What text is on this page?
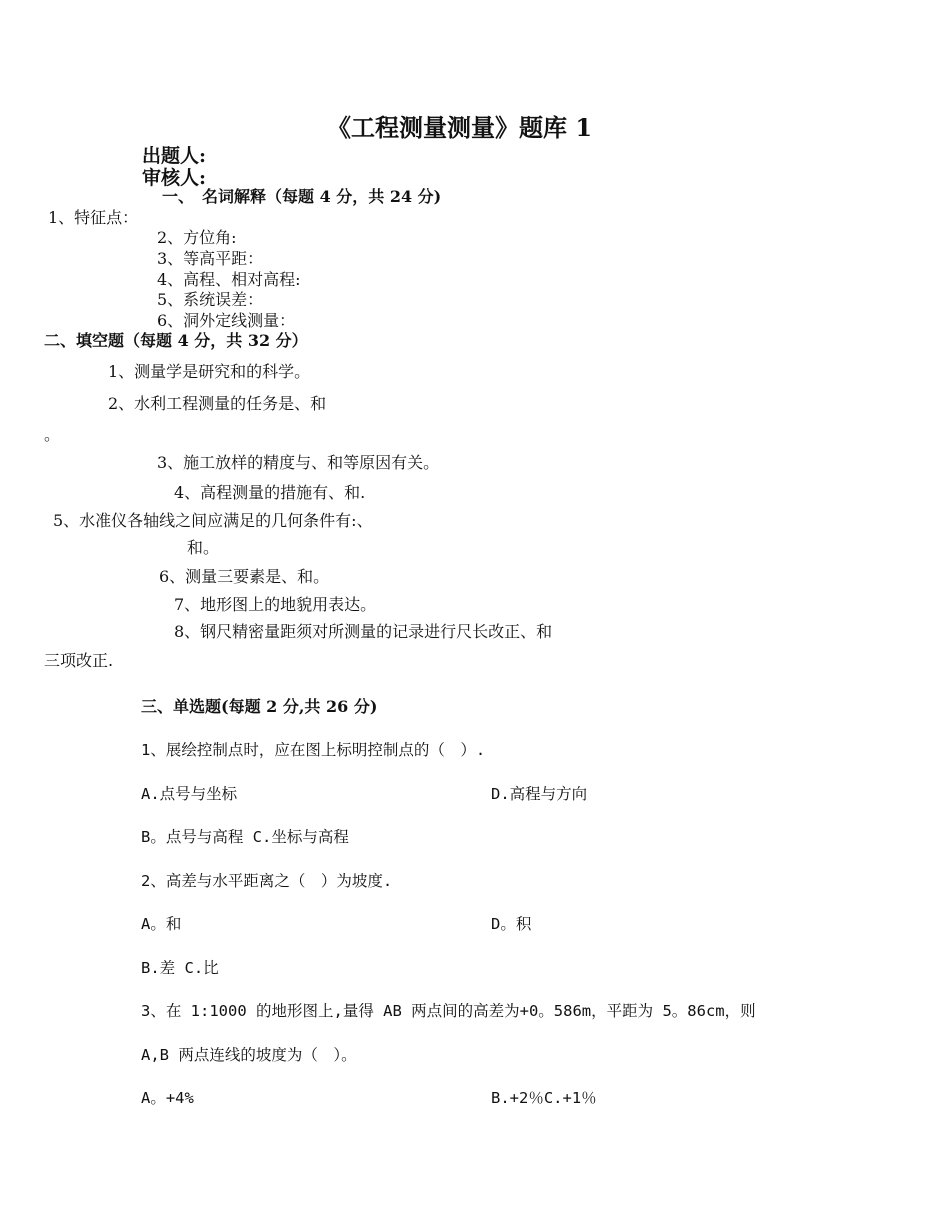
《工程测量测量》题库 1
出题人:
审核人:
一、　名词解释（每题 4 分，共 24 分)
1、特征点：
2、方位角:
3、等高平距：
4、高程、相对高程:
5、系统误差：
6、洞外定线测量：
二、填空题（每题 4 分，共 32 分）
1、测量学是研究和的科学。
2、水利工程测量的任务是、和
。
3、施工放样的精度与、和等原因有关。
4、高程测量的措施有、和.
5、水准仪各轴线之间应满足的几何条件有:、
和。
6、测量三要素是、和。
7、地形图上的地貌用表达。
8、钢尺精密量距须对所测量的记录进行尺长改正、和
三项改正.
三、单选题(每题 2 分,共 26 分)
1、展绘控制点时，应在图上标明控制点的（　）.
A.点号与坐标	D.高程与方向
B。点号与高程 C.坐标与高程
2、高差与水平距离之（　）为坡度.
A。和	D。积
B.差 C.比
3、在 1:1000 的地形图上,量得 AB 两点间的高差为+0。586m，平距为 5。86cm，则
A,B 两点连线的坡度为（　）。
A。+4%	B.+2％C.+1％
